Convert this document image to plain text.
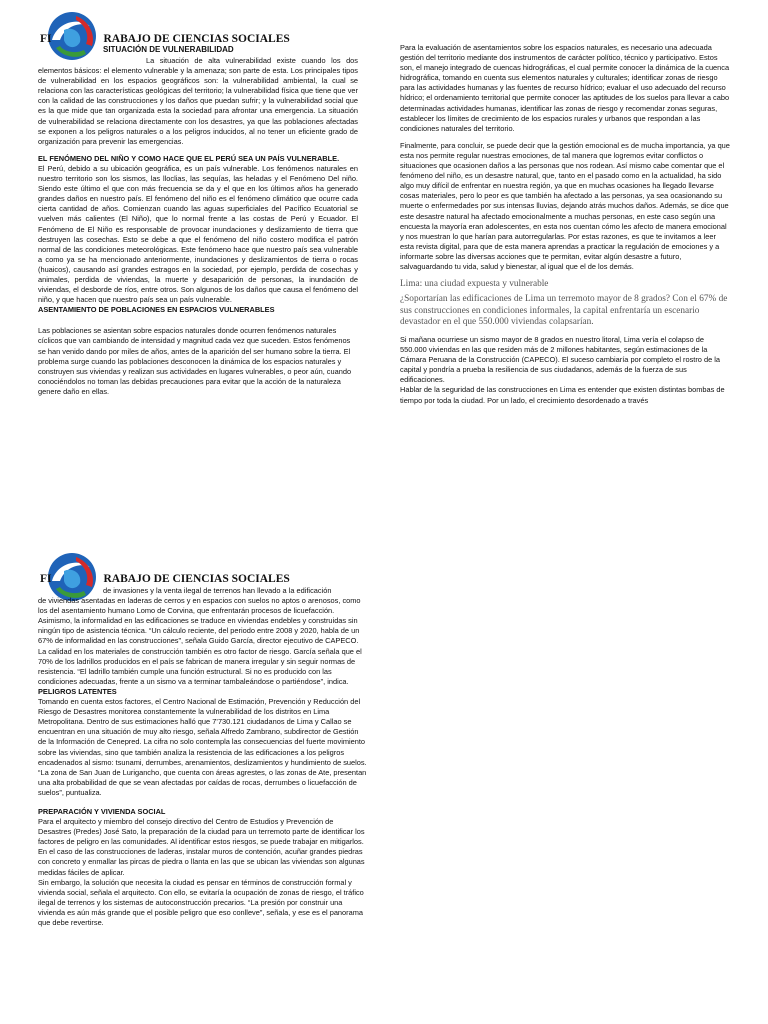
FI	RABAJO DE CIENCIAS SOCIALES
SITUACIÓN DE VULNERABILIDAD

La situación de alta vulnerabilidad existe cuando los dos elementos básicos: el elemento vulnerable y la amenaza; son parte de esta. Los principales tipos de vulnerabilidad en los espacios geográficos son: la vulnerabilidad ambiental, la cual se relaciona con las características geológicas del territorio; la vulnerabilidad física que tiene que ver con la calidad de las construcciones y los daños que puedan sufrir; y la vulnerabilidad social que es la que mide que tan organizada esta la sociedad para afrontar una emergencia. La situación de vulnerabilidad se relaciona directamente con los desastres, ya que las poblaciones afectadas se exponen a los peligros naturales o a los peligros inducidos, al no tener un eficiente grado de organización para prevenir las emergencias.

EL FENÓMENO DEL NIÑO Y COMO HACE QUE EL PERÚ SEA UN PAÍS VULNERABLE.

El Perú, debido a su ubicación geográfica, es un país vulnerable. Los fenómenos naturales en nuestro territorio son los sismos, las lloclias, las sequías, las heladas y el Fenómeno Del niño. Siendo este último el que con más frecuencia se da y el que en los últimos años ha generado grandes daños en nuestro país. El fenómeno del niño es el fenómeno climático que ocurre cada cierta cantidad de años. Comienzan cuando las aguas superficiales del Pacífico Ecuatorial se vuelven más calientes (El Niño), que lo normal frente a las costas de Perú y Ecuador. El Fenómeno de El Niño es responsable de provocar inundaciones y deslizamiento de tierra que destruyen las cosechas. Esto se debe a que el fenómeno del niño costero modifica el patrón normal de las condiciones meteorológicas. Este fenómeno hace que nuestro país sea vulnerable a como ya se ha mencionado anteriormente, inundaciones y deslizamientos de tierra o rocas (huaicos), causando así grandes estragos en la sociedad, por ejemplo, perdida de cosechas y animales, perdida de viviendas, la muerte y desaparición de personas, la inundación de viviendas, el desborde de ríos, entre otros. Son algunos de los daños que causa el fenómeno del niño, y que hacen que nuestro país sea un país vulnerable.

ASENTAMIENTO DE POBLACIONES EN ESPACIOS VULNERABLES

Las poblaciones se asientan sobre espacios naturales donde ocurren fenómenos naturales cíclicos que van cambiando de intensidad y magnitud cada vez que suceden. Estos fenómenos se han venido dando por miles de años, antes de la aparición del ser humano sobre la tierra. El problema surge cuando las poblaciones desconocen la dinámica de los espacios naturales y construyen sus viviendas y realizan sus actividades en lugares vulnerables, o peor aún, cuando conociéndolos no toman las debidas precauciones para evitar que la acción de la naturaleza genere daño en ellas.

Para la evaluación de asentamientos sobre los espacios naturales, es necesario una adecuada gestión del territorio mediante dos instrumentos de carácter político, técnico y participativo. Estos son, el manejo integrado de cuencas hidrográficas, el cual permite conocer la dinámica de la cuenca hidrográfica, tomando en cuenta sus elementos naturales y culturales; identificar zonas de riesgo para las actividades humanas y las fuentes de recurso hídrico; evaluar el uso adecuado del recurso hídrico; el ordenamiento territorial que permite conocer las aptitudes de los suelos para llevar a cabo determinadas actividades humanas, identificar las zonas de riesgo y recomendar zonas seguras, establecer los límites de crecimiento de los espacios rurales y urbanos que respondan a las condiciones naturales del territorio.

Finalmente, para concluir, se puede decir que la gestión emocional es de mucha importancia, ya que esta nos permite regular nuestras emociones, de tal manera que logremos evitar conflictos o situaciones que ocasionen daños a las personas que nos rodean. Así mismo cabe comentar que el fenómeno del niño, es un desastre natural, que, tanto en el pasado como en la actualidad, ha sido algo muy difícil de enfrentar en nuestra región, ya que en muchas ocasiones ha llegado llevarse cosas materiales, pero lo peor es que también ha afectado a las personas, ya sea ocasionando su muerte o enfermedades por sus intensas lluvias, dejando atrás muchos daños. Además, se dice que este desastre natural ha afectado emocionalmente a muchas personas, en este caso según una encuesta la mayoría eran adolescentes, en esta nos cuentan cómo les afecto de manera emocional y nos muestran lo que harían para autorregularlas. Por estas razones, es que te invitamos a leer esta revista digital, para que de esta manera aprendas a practicar la regulación de emociones y a informarte sobre las diversas acciones que te permitan, evitar algún desastre a futuro, salvaguardando tu vida, salud y bienestar, al igual que el de los demás.

Lima: una ciudad expuesta y vulnerable

¿Soportarían las edificaciones de Lima un terremoto mayor de 8 grados? Con el 67% de sus construcciones en condiciones informales, la capital enfrentaría un escenario devastador en el que 550.000 viviendas colapsarían.

Si mañana ocurriese un sismo mayor de 8 grados en nuestro litoral, Lima vería el colapso de 550.000 viviendas en las que residen más de 2 millones habitantes, según estimaciones de la Cámara Peruana de la Construcción (CAPECO). El suceso cambiaría por completo el rostro de la capital y pondría a prueba la resiliencia de sus ciudadanos, además de la fuerza de sus edificaciones.

Hablar de la seguridad de las construcciones en Lima es entender que existen distintas bombas de tiempo por toda la ciudad. Por un lado, el crecimiento desordenado a través

FI	RABAJO DE CIENCIAS SOCIALES

de invasiones y la venta ilegal de terrenos han llevado a la edificación
de viviendas asentadas en laderas de cerros y en espacios con suelos no aptos o arenosos, como los del asentamiento humano Lomo de Corvina, que enfrentarán procesos de licuefacción. Asimismo, la informalidad en las edificaciones se traduce en viviendas endebles y construidas sin ningún tipo de asistencia técnica. “Un cálculo reciente, del periodo entre 2008 y 2020, habla de un 67% de informalidad en las construcciones”, señala Guido García, director ejecutivo de CAPECO. La calidad en los materiales de construcción también es otro factor de riesgo. García señala que el 70% de los ladrillos producidos en el país se fabrican de manera irregular y sin seguir normas de resistencia. “El ladrillo también cumple una función estructural. Si no es producido con las condiciones adecuadas, frente a un sismo va a terminar tambaleándose o partiéndose”, indica.

PELIGROS LATENTES

Tomando en cuenta estos factores, el Centro Nacional de Estimación, Prevención y Reducción del Riesgo de Desastres monitorea constantemente la vulnerabilidad de los distritos en Lima Metropolitana. Dentro de sus estimaciones halló que 7’730.121 ciudadanos de Lima y Callao se encuentran en una situación de muy alto riesgo, señala Alfredo Zambrano, subdirector de Gestión de la Información de Cenepred. La cifra no solo contempla las consecuencias del fuerte movimiento sobre las viviendas, sino que también analiza la resistencia de las edificaciones a los peligros encadenados al sismo: tsunami, derrumbes, arenamientos, deslizamientos y hundimiento de suelos. “La zona de San Juan de Lurigancho, que cuenta con áreas agrestes, o las zonas de Ate, presentan una alta probabilidad de que se vean afectadas por caídas de rocas, derrumbes o licuefacción de suelos”, puntualiza.

PREPARACIÓN Y VIVIENDA SOCIAL

Para el arquitecto y miembro del consejo directivo del Centro de Estudios y Prevención de Desastres (Predes) José Sato, la preparación de la ciudad para un terremoto parte de identificar los factores de peligro en las comunidades. Al identificar estos riesgos, se puede trabajar en mitigarlos. En el caso de las construcciones de laderas, instalar muros de contención, acuñar grandes piedras con concreto y enmallar las pircas de piedra o llanta en las que se ubican las viviendas son algunas medidas fáciles de aplicar.

Sin embargo, la solución que necesita la ciudad es pensar en términos de construcción formal y vivienda social, señala el arquitecto. Con ello, se evitaría la ocupación de zonas de riesgo, el tráfico ilegal de terrenos y los sistemas de autoconstrucción precarios. “La presión por construir una vivienda es aún más grande que el posible peligro que eso conlleve”, señala, y ese es el panorama que debe revertirse.
